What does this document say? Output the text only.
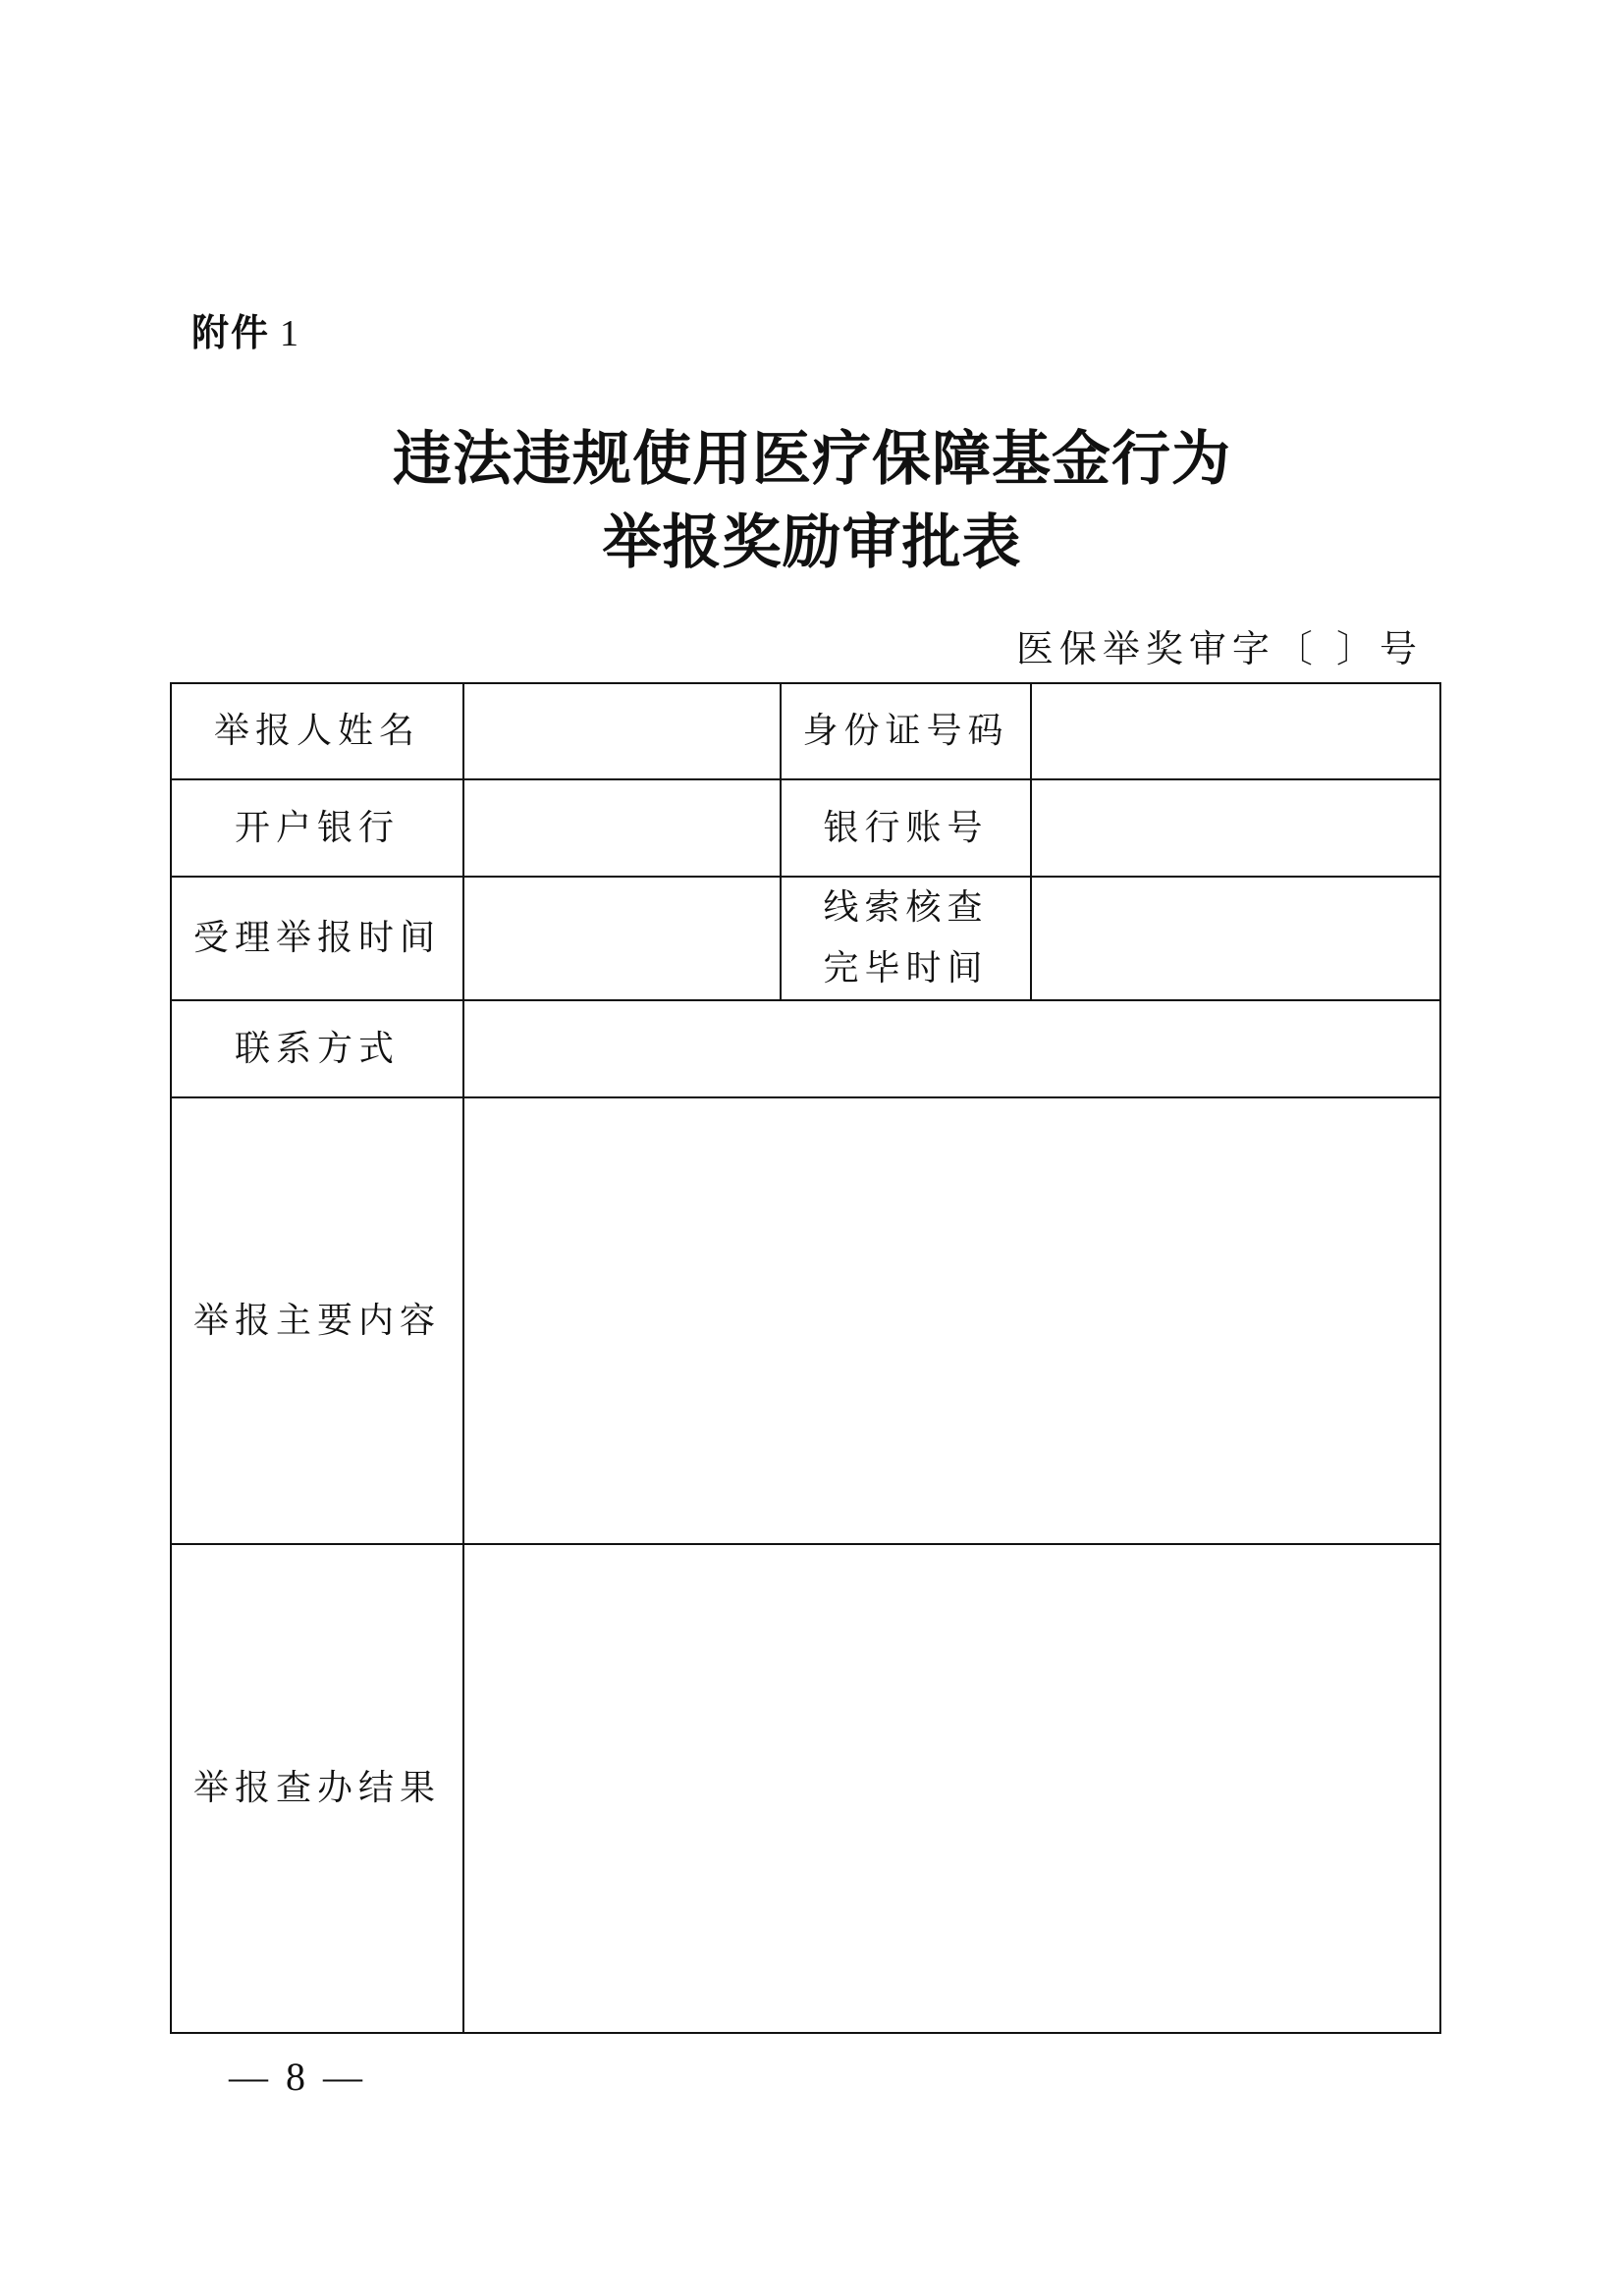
附件 1
违法违规使用医疗保障基金行为
举报奖励审批表
医保举奖审字〔 〕号
举报人姓名		身份证号码	
开户银行		银行账号	
受理举报时间		线索核查
完毕时间	

联系方式			
举报主要内容			
举报查办结果			
— 8 —
